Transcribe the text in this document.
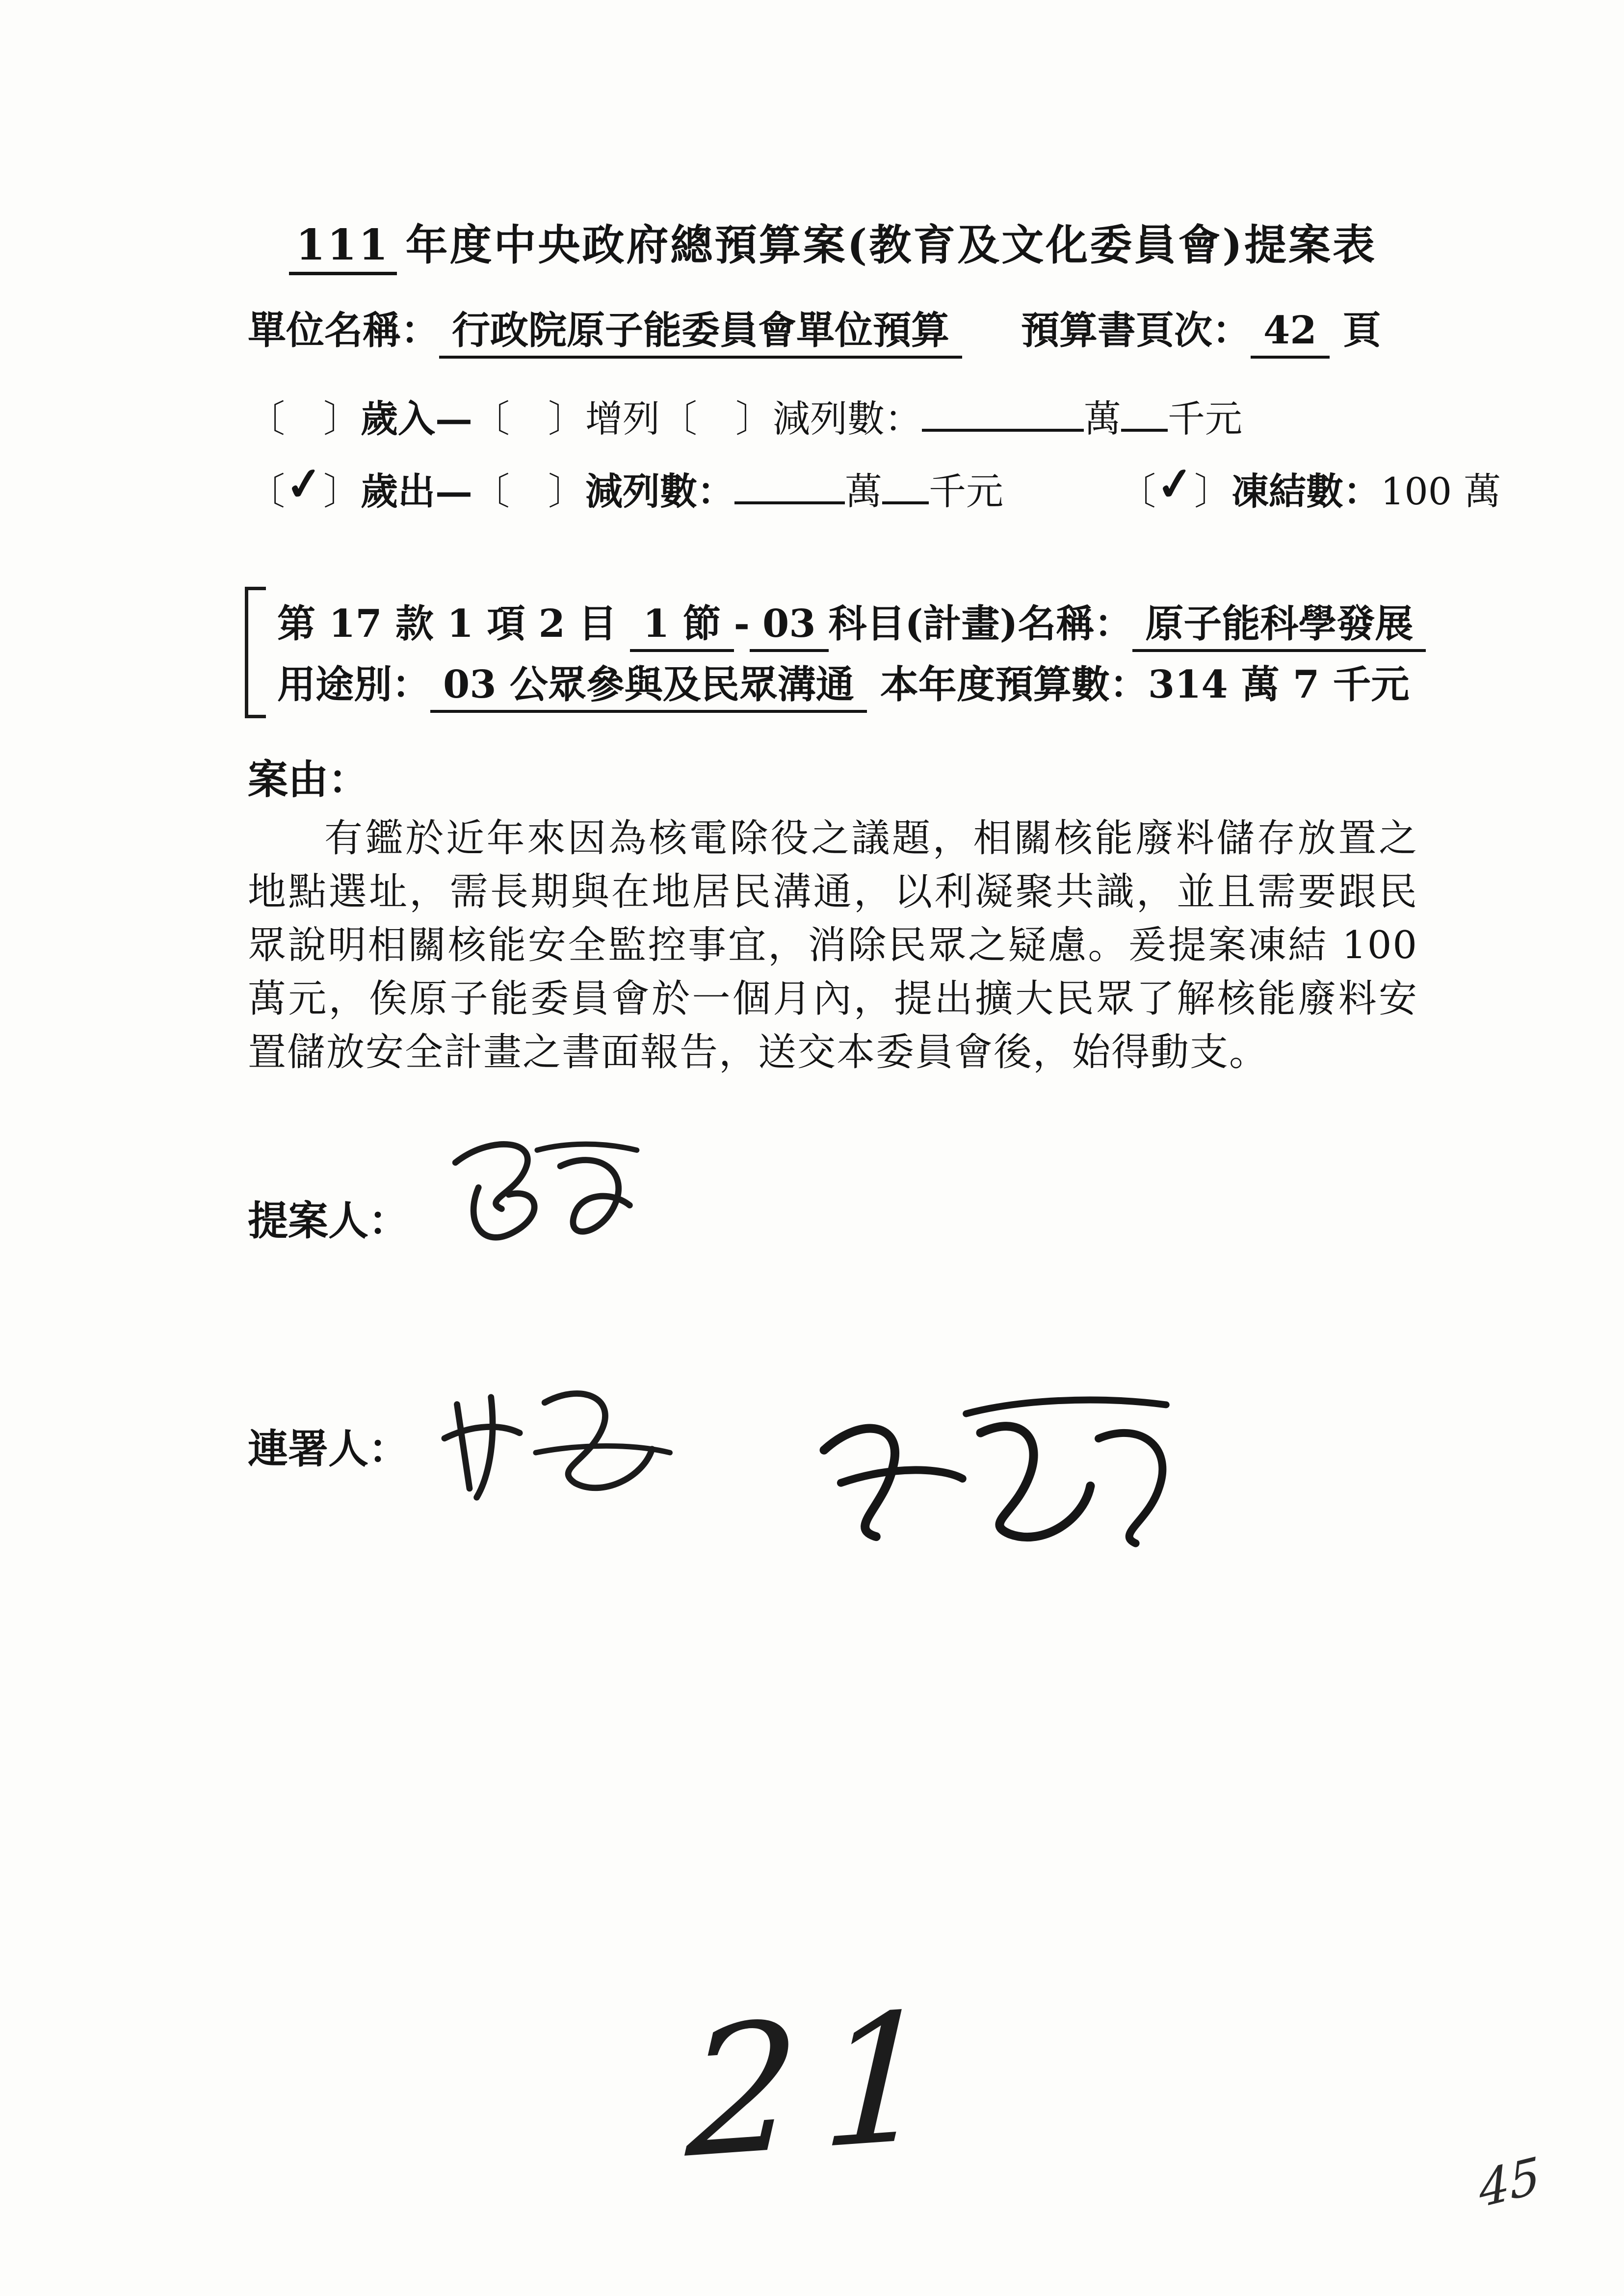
111 年度中央政府總預算案(教育及文化委員會)提案表
單位名稱： 行政院原子能委員會單位預算 預算書頁次： 42 頁
〔　 〕歲入—〔　 〕增列〔　 〕減列數：	萬 千元
〔✓〕歲出—〔　 〕減列數：	萬 千元	〔✓〕凍結數：100 萬
第 17 款 1 項 2 目 1 節 - 03 科目(計畫)名稱： 原子能科學發展
用途別： 03 公眾參與及民眾溝通 本年度預算數：314 萬 7 千元
案由：
有鑑於近年來因為核電除役之議題，相關核能廢料儲存放置之地點選址，需長期與在地居民溝通，以利凝聚共識，並且需要跟民眾說明相關核能安全監控事宜，消除民眾之疑慮。爰提案凍結 100 萬元，俟原子能委員會於一個月內，提出擴大民眾了解核能廢料安置儲放安全計畫之書面報告，送交本委員會後，始得動支。
提案人：
連署人：
21	45
